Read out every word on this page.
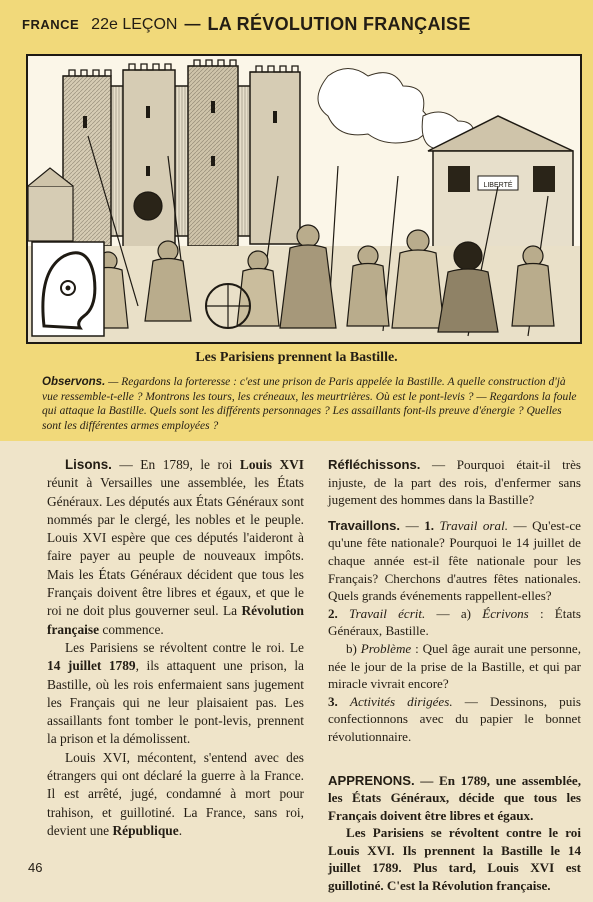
FRANCE 22e LEÇON — LA RÉVOLUTION FRANÇAISE
LIBERTÉ
Les Parisiens prennent la Bastille.
Observons. — Regardons la forteresse : c'est une prison de Paris appelée la Bastille. A quelle construction d'jà vue ressemble-t-elle ? Montrons les tours, les créneaux, les meurtrières. Où est le pont-levis ? — Regardons la foule qui attaque la Bastille. Quels sont les différents personnages ? Les assaillants font-ils preuve d'énergie ? Quelles sont les différentes armes employées ?

Lisons. — En 1789, le roi Louis XVI réunit à Versailles une assemblée, les États Généraux. Les députés aux États Généraux sont nommés par le clergé, les nobles et le peuple. Louis XVI espère que ces députés l'aideront à faire payer au peuple de nouveaux impôts. Mais les États Généraux décident que tous les Français doivent être libres et égaux, et que le roi ne doit plus gouverner seul. La Révolution française commence.

Les Parisiens se révoltent contre le roi. Le 14 juillet 1789, ils attaquent une prison, la Bastille, où les rois enfermaient sans jugement les Français qui ne leur plaisaient pas. Les assaillants font tomber le pont-levis, prennent la prison et la démolissent.

Louis XVI, mécontent, s'entend avec des étrangers qui ont déclaré la guerre à la France. Il est arrêté, jugé, condamné à mort pour trahison, et guillotiné. La France, sans roi, devient une République.

Réfléchissons. — Pourquoi était-il très injuste, de la part des rois, d'enfermer sans jugement des hommes dans la Bastille?

Travaillons. — 1. Travail oral. — Qu'est-ce qu'une fête nationale? Pourquoi le 14 juillet de chaque année est-il fête nationale pour les Français? Cherchons d'autres fêtes nationales. Quels grands événements rappellent-elles?

2. Travail écrit. — a) Écrivons : États Généraux, Bastille.

b) Problème : Quel âge aurait une personne, née le jour de la prise de la Bastille, et qui par miracle vivrait encore?

3. Activités dirigées. — Dessinons, puis confectionnons avec du papier le bonnet révolutionnaire.

APPRENONS. — En 1789, une assemblée, les États Généraux, décide que tous les Français doivent être libres et égaux.

Les Parisiens se révoltent contre le roi Louis XVI. Ils prennent la Bastille le 14 juillet 1789. Plus tard, Louis XVI est guillotiné. C'est la Révolution française.

46
